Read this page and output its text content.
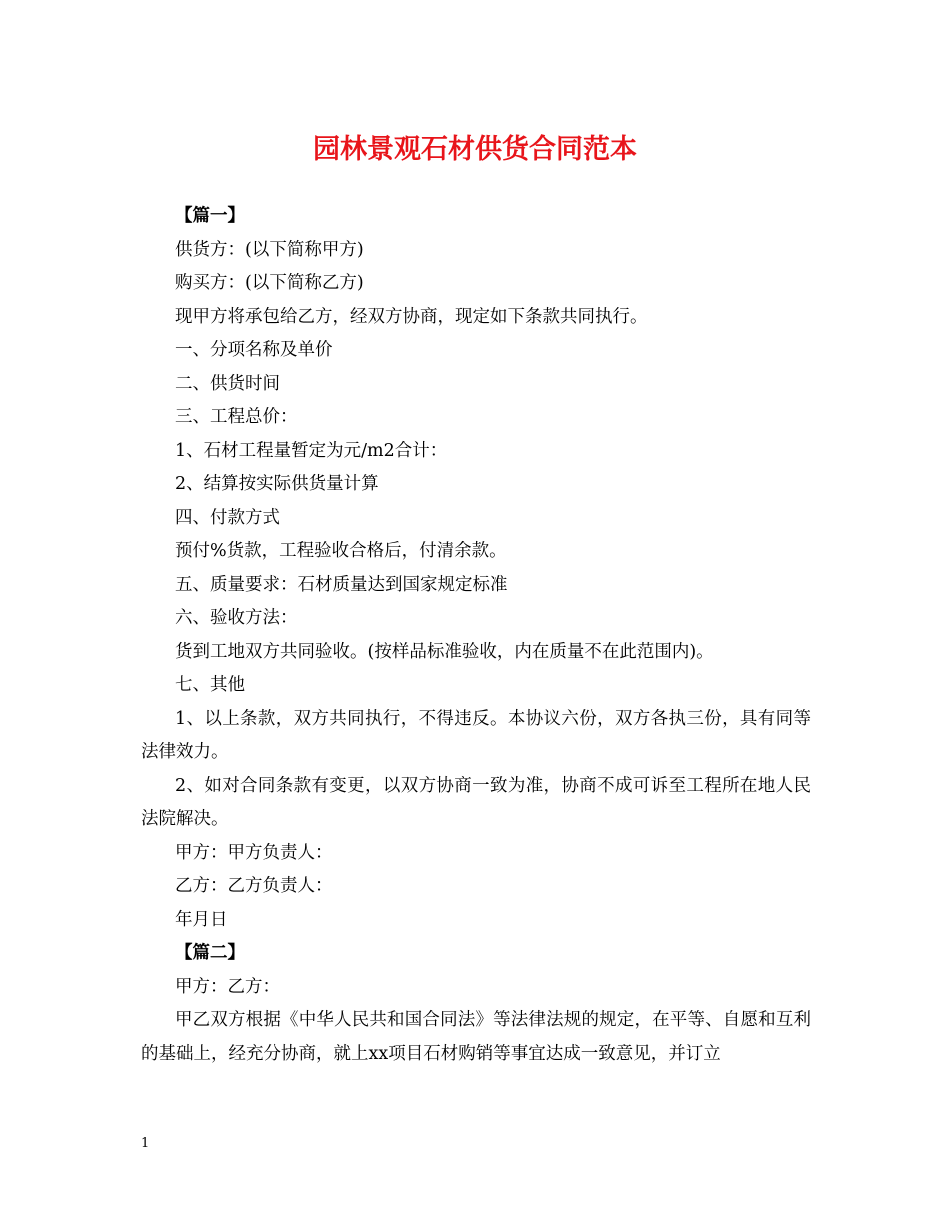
园林景观石材供货合同范本

【篇一】

供货方：(以下简称甲方)

购买方：(以下简称乙方)

现甲方将承包给乙方，经双方协商，现定如下条款共同执行。

一、分项名称及单价

二、供货时间

三、工程总价：

1、石材工程量暂定为元/m2合计：

2、结算按实际供货量计算

四、付款方式

预付%货款，工程验收合格后，付清余款。

五、质量要求：石材质量达到国家规定标准

六、验收方法：

货到工地双方共同验收。(按样品标准验收，内在质量不在此范围内)。

七、其他

1、以上条款，双方共同执行，不得违反。本协议六份，双方各执三份，具有同等法律效力。

2、如对合同条款有变更，以双方协商一致为准，协商不成可诉至工程所在地人民法院解决。

甲方：甲方负责人：

乙方：乙方负责人：

年月日

【篇二】

甲方：乙方：

甲乙双方根据《中华人民共和国合同法》等法律法规的规定，在平等、自愿和互利的基础上，经充分协商，就上xx项目石材购销等事宜达成一致意见，并订立

1
